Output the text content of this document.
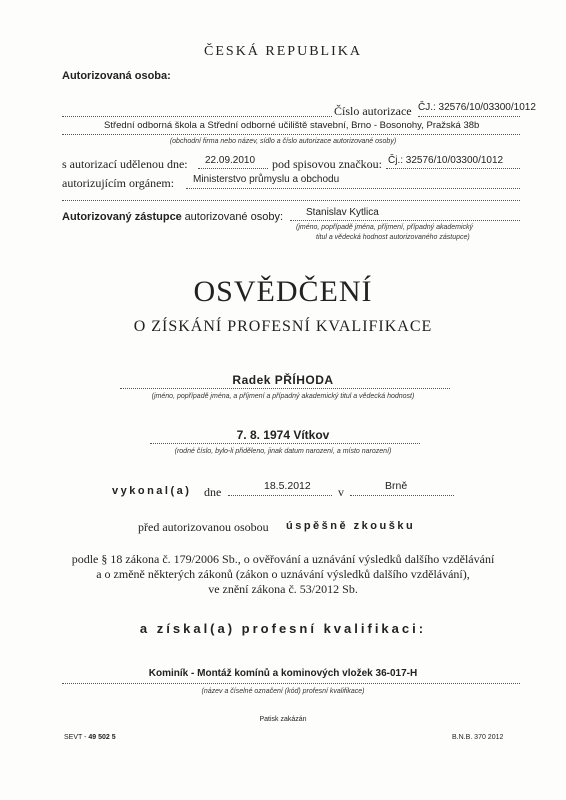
ČESKÁ REPUBLIKA
Autorizovaná osoba:
Číslo autorizace ČJ.: 32576/10/03300/1012
Střední odborná škola a Střední odborné učiliště stavební, Brno - Bosonohy, Pražská 38b
(obchodní firma nebo název, sídlo a číslo autorizace autorizované osoby)
s autorizací udělenou dne: 22.09.2010 pod spisovou značkou: Čj.: 32576/10/03300/1012
autorizujícím orgánem: Ministerstvo průmyslu a obchodu
Autorizovaný zástupce autorizované osoby: Stanislav Kytlica
(jméno, popřípadě jména, příjmení, případný akademický
titul a vědecká hodnost autorizovaného zástupce)
OSVĚDČENÍ
O ZÍSKÁNÍ PROFESNÍ KVALIFIKACE
Radek PŘÍHODA
(jméno, popřípadě jména, a příjmení a případný akademický titul a vědecká hodnost)
7. 8. 1974 Vítkov
(rodné číslo, bylo-li přiděleno, jinak datum narození, a místo narození)
vykonal(a) dne	18.5.2012 v	Brně
před autorizovanou osobou úspěšně zkoušku
podle § 18 zákona č. 179/2006 Sb., o ověřování a uznávání výsledků dalšího vzdělávání
a o změně některých zákonů (zákon o uznávání výsledků dalšího vzdělávání),
ve znění zákona č. 53/2012 Sb.
a získal(a) profesní kvalifikaci:
Kominík - Montáž komínů a kominových vložek 36-017-H
(název a číselné označení (kód) profesní kvalifikace)
Patisk zakázán
SEVT - 49 502 5	B.N.B. 370 2012
